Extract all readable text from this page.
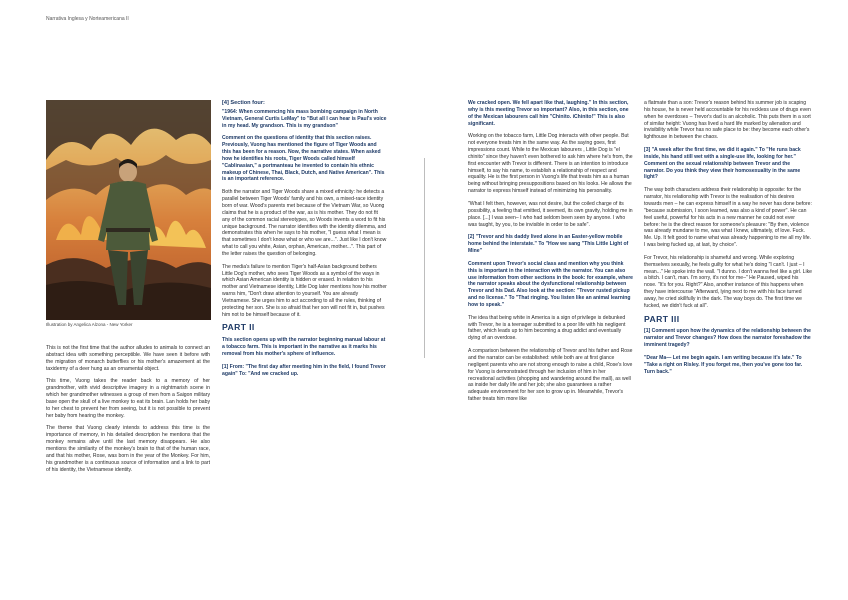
Narrativa Inglesa y Norteamericana II
Illustration by Angelica Alzona - New Yorker

This is not the first time that the author alludes to animals to connect an abstract idea with something perceptible. We have seen it before with the migration of monarch butterflies or his mother's amazement at the taxidermy of a deer hung as an ornamental object.

This time, Vuong takes the reader back to a memory of her grandmother, with vivid descriptive imagery in a nightmarish scene in which her grandmother witnesses a group of men from a Saigon military base open the skull of a live monkey to eat its brain. Lan holds her baby to her chest to prevent her from seeing, but it is not possible to prevent her baby from hearing the monkey.

The theme that Vuong clearly intends to address this time is the importance of memory, in his detailed description he mentions that the monkey remains alive until the last memory disappears. He also mentions the similarity of the monkey's brain to that of the human race, and that his mother, Rose, was born in the year of the Monkey. For him, his grandmother is a continuous source of information and a link to part of his identity, the Vietnamese identity.

[4] Section four:

"1964: When commencing his mass bombing campaign in North Vietnam, General Curtis LeMay" to "But all I can hear is Paul's voice in my head. My grandson. This is my grandson"

Comment on the questions of identity that this section raises. Previously, Vuong has mentioned the figure of Tiger Woods and this has been for a reason. Now, the narrative states. When asked how he identifies his roots, Tiger Woods called himself "Cablinasian," a portmanteau he invented to contain his ethnic makeup of Chinese, Thai, Black, Dutch, and Native American". This is an important reference.

Both the narrator and Tiger Woods share a mixed ethnicity: he detects a parallel between Tiger Woods' family and his own, a mixed-race identity born of war. Wood's parents met because of the Vietnam War, so Vuong claims that he is a product of the war, as is his mother. They do not fit any of the common racial stereotypes, so Woods invents a word to fit his unique background. The narrator identifies with the identity dilemma, and demonstrates this when he says to his mother, "I guess what I mean is that sometimes I don't know what or who we are...". Just like I don't know what to call you white, Asian, orphan, American, mother...". This part of the letter raises the question of belonging.

The media's failure to mention Tiger's half-Asian background bothers Little Dog's mother, who sees Tiger Woods as a symbol of the ways in which Asian American identity is hidden or erased. In relation to his mother and Vietnamese identity, Little Dog later mentions how his mother warns him, "Don't draw attention to yourself. You are already Vietnamese. She urges him to act according to all the rules, thinking of protecting her son. She is so afraid that her son will not fit in, but pushes him not to be himself because of it.

PART II

This section opens up with the narrator beginning manual labour at a tobacco farm. This is important in the narrative as it marks his removal from his mother's sphere of influence.

[1] From: "The first day after meeting him in the field, I found Trevor again" To: "And we cracked up.

We cracked open. We fell apart like that, laughing." In this section, why is this meeting Trevor so important? Also, in this section, one of the Mexican labourers call him "Chinito. iChinito!" This is also significant.

Working on the tobacco farm, Little Dog interacts with other people. But not everyone treats him in the same way. As the saying goes, first impressions count. While to the Mexican labourers , Little Dog is "el chinito" since they haven't even bothered to ask him where he's from, the first encounter with Trevor is different. There is an intention to introduce himself, to say his name, to establish a relationship of respect and equality. He is the first person in Vuong's life that treats him as a human being without bringing presuppositions based on his looks. He allows the narrator to express himself instead of minimizing his personality.

"What I felt then, however, was not desire, but the coiled charge of its possibility, a feeling that emitted, it seemed, its own gravity, holding me in place. [...] I was seen– I who had seldom been seen by anyone. I who was taught, by you, to be invisible in order to be safe".

[2] "Trevor and his daddy lived alone in an Easter-yellow mobile home behind the interstate." To "How we sang "This Little Light of Mine"

Comment upon Trevor's social class and mention why you think this is important in the interaction with the narrator. You can also use information from other sections in the book: for example, where the narrator speaks about the dysfunctional relationship between Trevor and his Dad. Also look at the section: "Trevor rusted pickup and no license." To "That ringing. You listen like an animal learning how to speak."

The idea that being white in America is a sign of privilege is debunked with Trevor, he is a teenager submitted to a poor life with his negligent father, which leads up to him becoming a drug addict and eventually dying of an overdose.

A comparison between the relationship of Trevor and his father and Rose and the narrator can be established: while both are at first glance negligent parents who are not strong enough to raise a child, Rose's love for Vuong is demonstrated through her inclusion of him in her recreational activities (shopping and wandering around the mall), as well as inside her daily life and her job; she also guarantees a rather adequate environment for her son to grow up in. Meanwhile, Trevor's father treats him more like

a flatmate than a son: Trevor's reason behind his summer job is scaping his house, he is never held accountable for his reckless use of drugs even when he overdoses – Trevor's dad is an alcoholic. This puts them in a sort of similar height: Vuong has lived a hard life marked by alienation and invisibility while Trevor has no safe place to be: they become each other's lighthouse in between the chaos.

[3] "A week after the first time, we did it again." To "He runs back inside, his hand still wet with a single-use life, looking for her." Comment on the sexual relationship between Trevor and the narrator. Do you think they view their homosexuality in the same light?

The way both characters address their relationship is opposite: for the narrator, his relationship with Trevor is the realisation of his desires towards men – he can express himself in a way he never has done before: "because submission, I soon learned, was also a kind of power". He can feel useful, powerful for his acts in a new manner he could not ever before: he is the direct reason for someone's pleasure: "By then, violence was already mundane to me, was what I knew, ultimately, of love. Fuck. Me. Up. It felt good to name what was already happening to me all my life. I was being fucked up, at last, by choice".

For Trevor, his relationship is shameful and wrong. While exploring themselves sexually, he feels guilty for what he's doing "I can't. I just – I mean..." He spoke into the wall. "I dunno. I don't wanna feel like a girl. Like a bitch. I can't, man. I'm sorry, it's not for me–" He Paused, wiped his nose. "It's for you. Right?" Also, another instance of this happens when they have intercourse "Afterward, lying next to me with his face turned away, he cried skillfully in the dark. The way boys do. The first time we fucked, we didn't fuck at all".

PART III

[1] Comment upon how the dynamics of the relationship between the narrator and Trevor changes? How does the narrator foreshadow the imminent tragedy?

"Dear Ma— Let me begin again. I am writing because it's late." To "Take a right on Risley. If you forget me, then you've gone too far. Turn back."
